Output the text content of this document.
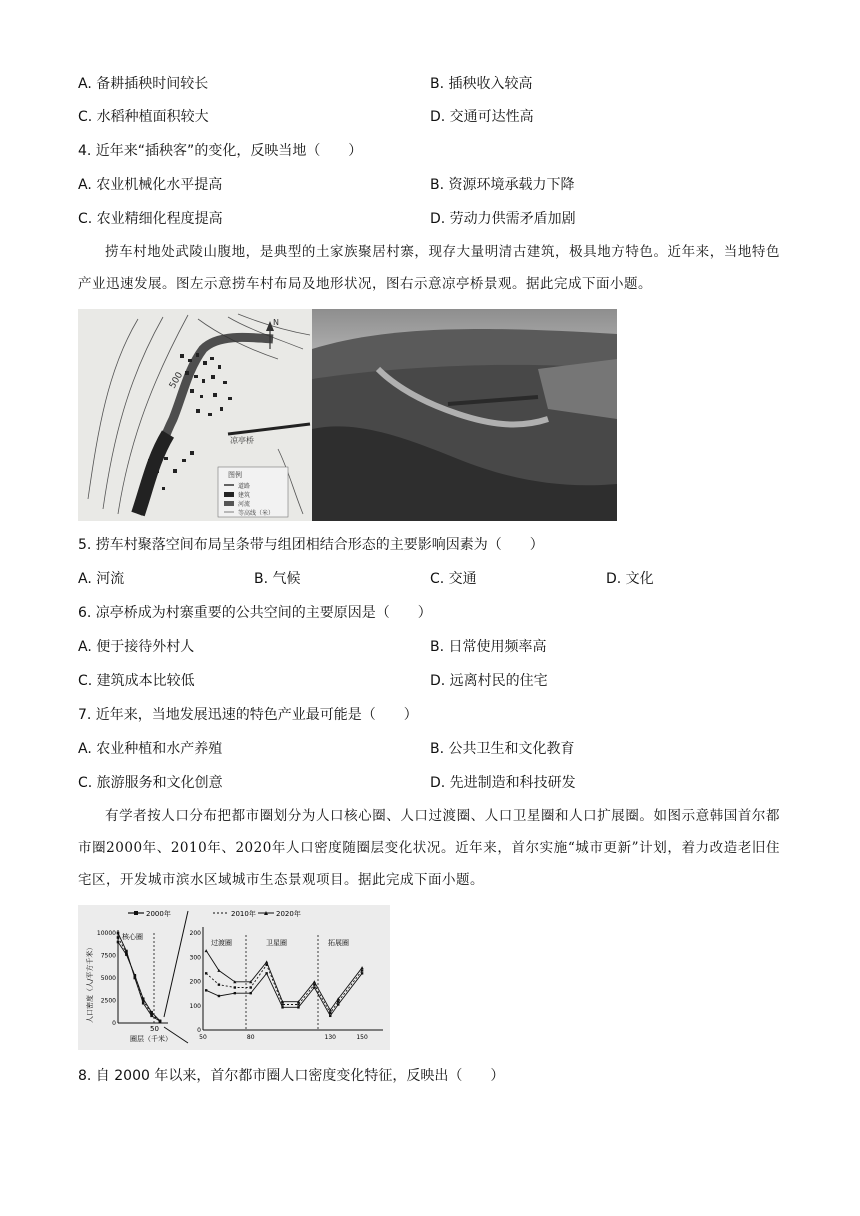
A. 备耕插秧时间较长	B. 插秧收入较高
C. 水稻种植面积较大	D. 交通可达性高
4. 近年来“插秧客”的变化，反映当地（　　）
A. 农业机械化水平提高	B. 资源环境承载力下降
C. 农业精细化程度提高	D. 劳动力供需矛盾加剧
捞车村地处武陵山腹地，是典型的土家族聚居村寨，现存大量明清古建筑，极具地方特色。近年来，当地特色产业迅速发展。图左示意捞车村布局及地形状况，图右示意凉亭桥景观。据此完成下面小题。
500
凉亭桥
N
图例
道路
建筑
河流
等高线（米）
5. 捞车村聚落空间布局呈条带与组团相结合形态的主要影响因素为（　　）
A. 河流	B. 气候	C. 交通	D. 文化
6. 凉亭桥成为村寨重要的公共空间的主要原因是（　　）
A. 便于接待外村人	B. 日常使用频率高
C. 建筑成本比较低	D. 远离村民的住宅
7. 近年来，当地发展迅速的特色产业最可能是（　　）
A. 农业种植和水产养殖	B. 公共卫生和文化教育
C. 旅游服务和文化创意	D. 先进制造和科技研发
有学者按人口分布把都市圈划分为人口核心圈、人口过渡圈、人口卫星圈和人口扩展圈。如图示意韩国首尔都市圈2000年、2010年、2020年人口密度随圈层变化状况。近年来，首尔实施“城市更新”计划，着力改造老旧住宅区，开发城市滨水区域城市生态景观项目。据此完成下面小题。
2000年	2010年	2020年
人口密度（人/平方千米）
圈层（千米）
核心圈
10000
7500
5000
2500
0
50
过渡圈	卫星圈	拓展圈
200
300
200
100
0
50	80	130	150
8. 自 2000 年以来，首尔都市圈人口密度变化特征，反映出（　　）
